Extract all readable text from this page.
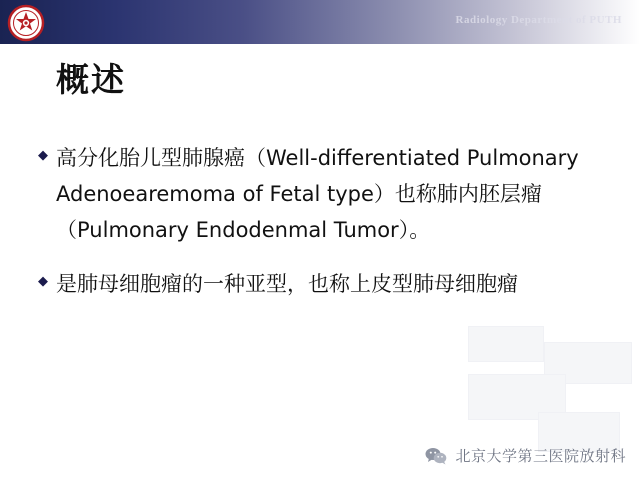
Radiology Department of PUTH
概述
◆ 高分化胎儿型肺腺癌（Well-differentiated Pulmonary Adenoearemoma of Fetal type）也称肺内胚层瘤（Pulmonary Endodenmal Tumor）。
◆ 是肺母细胞瘤的一种亚型，也称上皮型肺母细胞瘤
北京大学第三医院放射科
